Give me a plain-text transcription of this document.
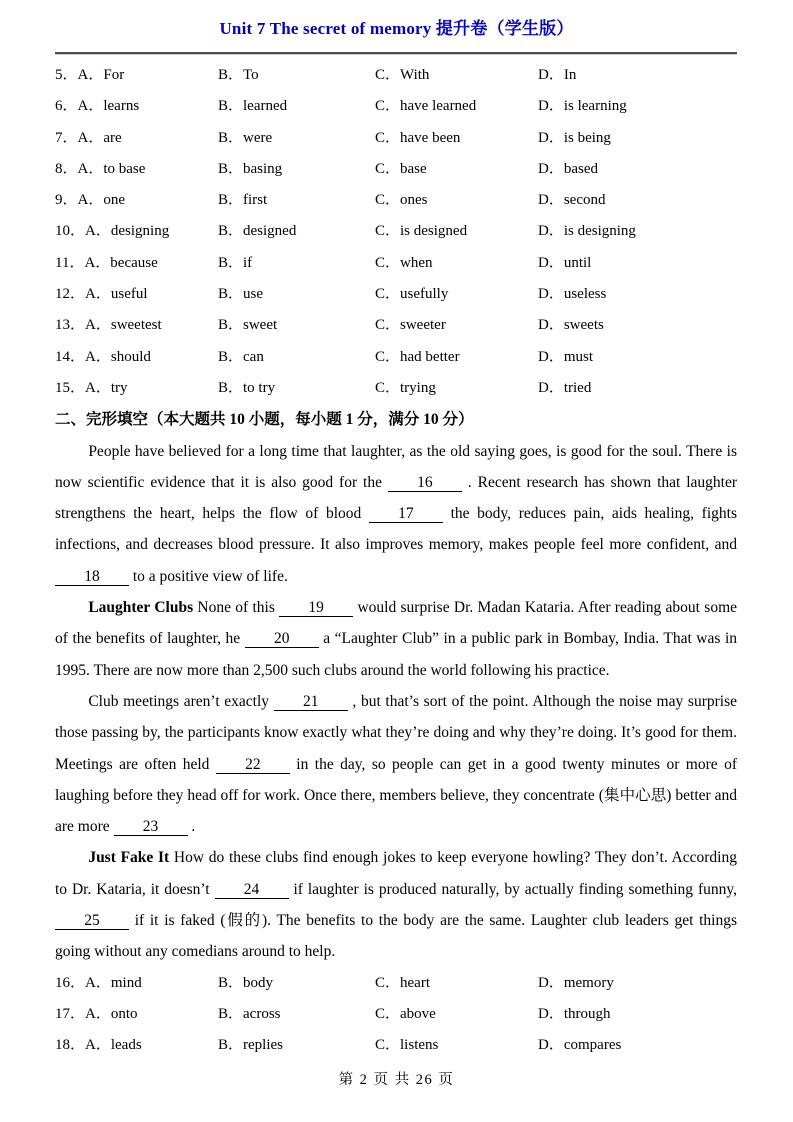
Unit 7 The secret of memory 提升卷（学生版）
5．A．For	B．To	C．With	D．In
6．A．learns	B．learned	C．have learned	D．is learning
7．A．are	B．were	C．have been	D．is being
8．A．to base	B．basing	C．base	D．based
9．A．one	B．first	C．ones	D．second
10．A．designing	B．designed	C．is designed	D．is designing
11．A．because	B．if	C．when	D．until
12．A．useful	B．use	C．usefully	D．useless
13．A．sweetest	B．sweet	C．sweeter	D．sweets
14．A．should	B．can	C．had better	D．must
15．A．try	B．to try	C．trying	D．tried
二、完形填空（本大题共 10 小题，每小题 1 分，满分 10 分）

People have believed for a long time that laughter, as the old saying goes, is good for the soul. There is now scientific evidence that it is also good for the 16 . Recent research has shown that laughter strengthens the heart, helps the flow of blood 17 the body, reduces pain, aids healing, fights infections, and decreases blood pressure. It also improves memory, makes people feel more confident, and 18 to a positive view of life.

Laughter Clubs None of this 19 would surprise Dr. Madan Kataria. After reading about some of the benefits of laughter, he 20 a “Laughter Club” in a public park in Bombay, India. That was in 1995. There are now more than 2,500 such clubs around the world following his practice.

Club meetings aren’t exactly 21 , but that’s sort of the point. Although the noise may surprise those passing by, the participants know exactly what they’re doing and why they’re doing. It’s good for them. Meetings are often held 22 in the day, so people can get in a good twenty minutes or more of laughing before they head off for work. Once there, members believe, they concentrate (集中心思) better and are more 23 .

Just Fake It How do these clubs find enough jokes to keep everyone howling? They don’t. According to Dr. Kataria, it doesn’t 24 if laughter is produced naturally, by actually finding something funny, 25 if it is faked (假的). The benefits to the body are the same. Laughter club leaders get things going without any comedians around to help.

16．A．mind	B．body	C．heart	D．memory
17．A．onto	B．across	C．above	D．through
18．A．leads	B．replies	C．listens	D．compares
第 2 页 共 26 页
